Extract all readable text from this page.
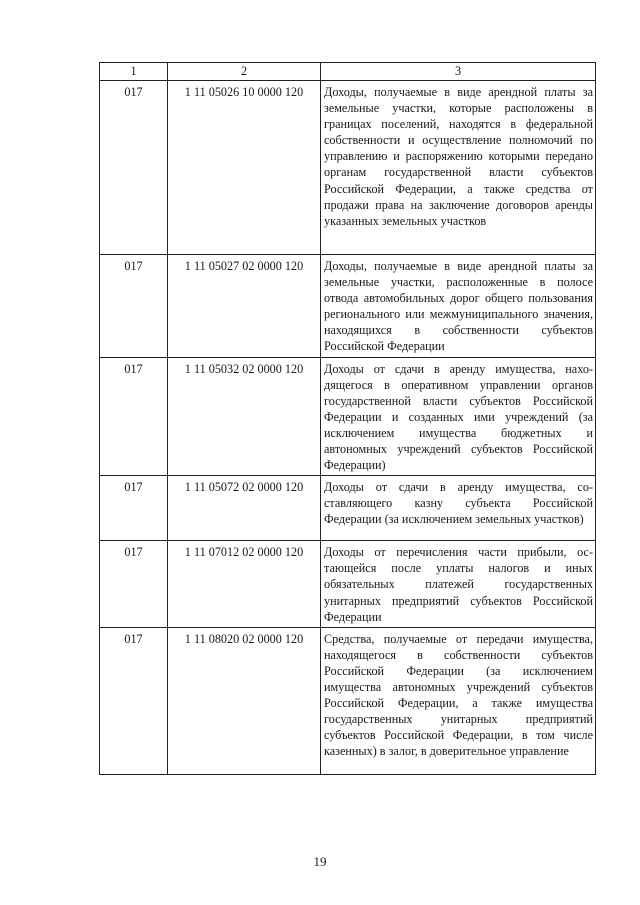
1	2	3
017	1 11 05026 10 0000 120	Доходы, получаемые в виде арендной платы за земельные участки, которые расположены в границах поселений, находятся в федеральной собственности и осуществление полномочий по управлению и распоряжению которыми передано органам государственной власти субъектов Российской Федерации, а также средства от продажи права на заключение договоров аренды указанных земельных участков
017	1 11 05027 02 0000 120	Доходы, получаемые в виде арендной платы за земельные участки, расположенные в полосе отвода автомобильных дорог общего пользования регионального или межмуниципального значения, находящихся в собственности субъектов Российской Федерации
017	1 11 05032 02 0000 120	Доходы от сдачи в аренду имущества, находящегося в оперативном управлении органов государственной власти субъектов Российской Федерации и созданных ими учреждений (за исключением имущества бюджетных и автономных учреждений субъектов Российской Федерации)
017	1 11 05072 02 0000 120	Доходы от сдачи в аренду имущества, составляющего казну субъекта Российской Федерации (за исключением земельных участков)
017	1 11 07012 02 0000 120	Доходы от перечисления части прибыли, остающейся после уплаты налогов и иных обязательных платежей государственных унитарных предприятий субъектов Российской Федерации
017	1 11 08020 02 0000 120	Средства, получаемые от передачи имущества, находящегося в собственности субъектов Российской Федерации (за исключением имущества автономных учреждений субъектов Российской Федерации, а также имущества государственных унитарных предприятий субъектов Российской Федерации, в том числе казенных) в залог, в доверительное управление
19
